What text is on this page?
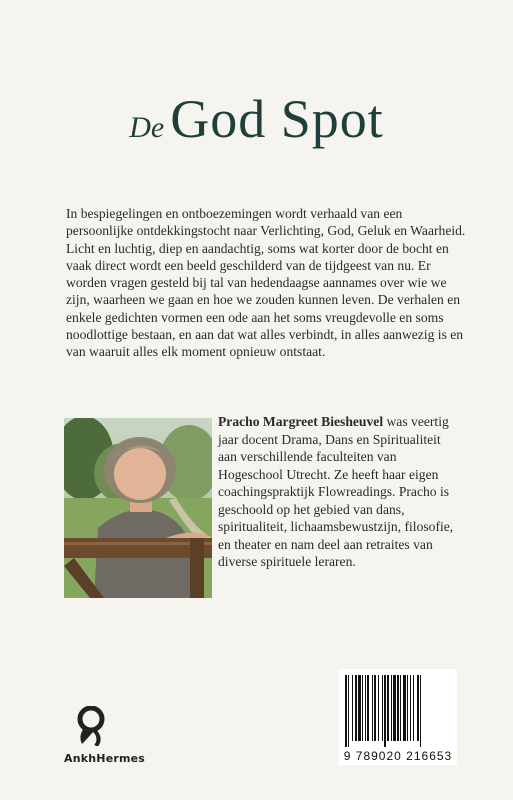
De God Spot

In bespiegelingen en ontboezemingen wordt verhaald van een persoonlijke ontdekkingstocht naar Verlichting, God, Geluk en Waarheid. Licht en luchtig, diep en aandachtig, soms wat korter door de bocht en vaak direct wordt een beeld geschilderd van de tijdgeest van nu. Er worden vragen gesteld bij tal van hedendaagse aannames over wie we zijn, waarheen we gaan en hoe we zouden kunnen leven. De verhalen en enkele gedichten vormen een ode aan het soms vreugdevolle en soms noodlottige bestaan, en aan dat wat alles verbindt, in alles aanwezig is en van waaruit alles elk moment opnieuw ontstaat.

Pracho Margreet Biesheuvel was veertig jaar docent Drama, Dans en Spiritualiteit aan verschillende faculteiten van Hogeschool Utrecht. Ze heeft haar eigen coachingspraktijk Flowreadings. Pracho is geschoold op het gebied van dans, spiritualiteit, lichaamsbewustzijn, filosofie, en theater en nam deel aan retraites van diverse spirituele leraren.

AnkhHermes	9 789020 216653
